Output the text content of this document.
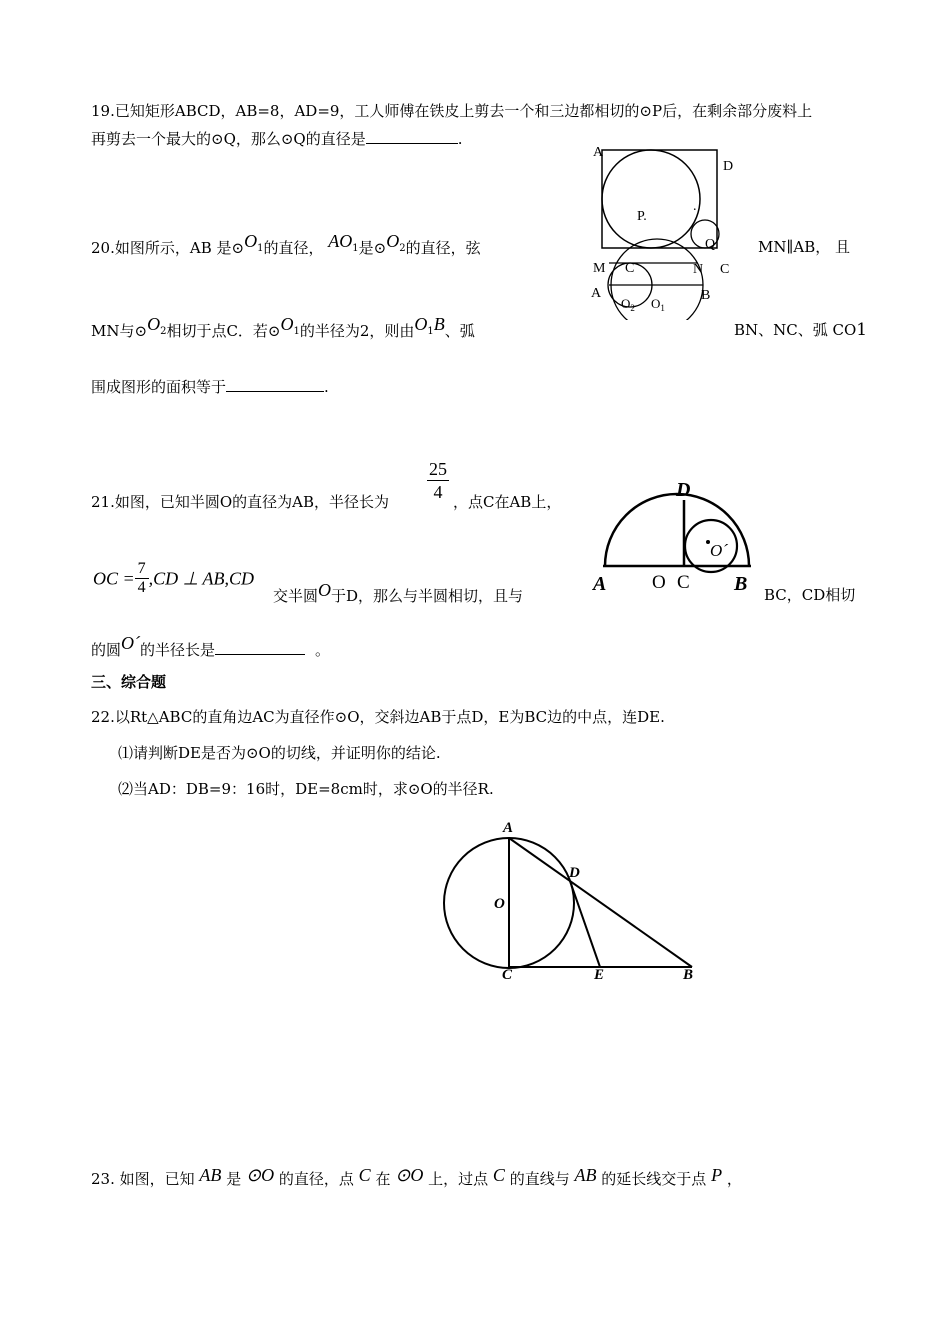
19.已知矩形ABCD，AB=8，AD=9，工人师傅在铁皮上剪去一个和三边都相切的⊙P后，在剩余部分废料上
再剪去一个最大的⊙Q，那么⊙Q的直径是	.
A
D
P.
.
Q
M C	N C
A	B
$O_2$ $O_1$
20.如图所示，AB 是⊙O1的直径， AO1是⊙O2的直径，弦	MN∥AB， 且
MN与⊙O2相切于点C．若⊙O1的半径为2，则由O1B、弧	BN、NC、弧 CO1
围成图形的面积等于	.
$\frac{25}{4}$
21.如图，已知半圆O的直径为AB，半径长为	，点C在AB上，
OC = $\frac{7}{4} ,CD$ ⊥ AB,CD
交半圆O于D，那么与半圆相切，且与	BC，CD相切
的圆O´的半径长是	。
D
O´
A O C B
三、综合题
22.以Rt△ABC的直角边AC为直径作⊙O，交斜边AB于点D，E为BC边的中点，连DE.
⑴请判断DE是否为⊙O的切线，并证明你的结论.
⑵当AD：DB=9：16时，DE=8cm时，求⊙O的半径R.
A
D
O
C	E	B
23. 如图，已知 AB 是 ⊙O 的直径，点 C 在 ⊙O 上，过点 C 的直线与 AB 的延长线交于点 P ，
